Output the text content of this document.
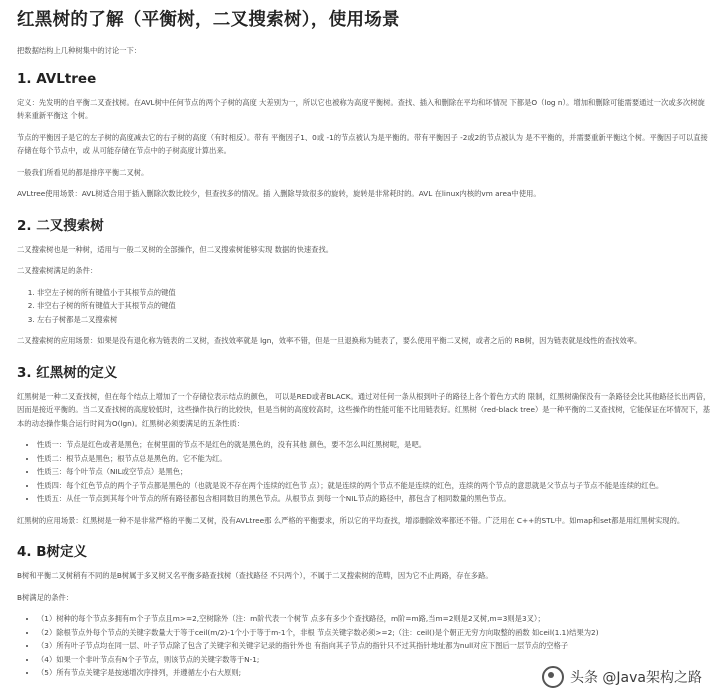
红黑树的了解（平衡树，二叉搜索树），使用场景

把数据结构上几种树集中的讨论一下：

1. AVLtree

定义：先发明的自平衡二叉查找树。在AVL树中任何节点的两个子树的高度 大差别为一，所以它也被称为高度平衡树。查找、插入和删除在平均和坏情况 下都是O（log n）。增加和删除可能需要通过一次或多次树旋转来重新平衡这 个树。

节点的平衡因子是它的左子树的高度减去它的右子树的高度（有时相反）。带有 平衡因子1、0或 -1的节点被认为是平衡的。带有平衡因子 -2或2的节点被认为 是不平衡的，并需要重新平衡这个树。平衡因子可以直接存储在每个节点中，或 从可能存储在节点中的子树高度计算出来。

一般我们所看见的都是排序平衡二叉树。

AVLtree使用场景：AVL树适合用于插入删除次数比较少，但查找多的情况。插 入删除导致很多的旋转，旋转是非常耗时的。AVL 在linux内核的vm area中使用。

2. 二叉搜索树

二叉搜索树也是一种树，适用与一般二叉树的全部操作，但二叉搜索树能够实现 数据的快速查找。

二叉搜索树满足的条件：

1. 非空左子树的所有键值小于其根节点的键值
2. 非空右子树的所有键值大于其根节点的键值
3. 左右子树都是二叉搜索树

二叉搜索树的应用场景：如果是没有退化称为链表的二叉树，查找效率就是 lgn，效率不错，但是一旦退换称为链表了，要么使用平衡二叉树，或者之后的 RB树，因为链表就是线性的查找效率。

3. 红黑树的定义

红黑树是一种二叉查找树，但在每个结点上增加了一个存储位表示结点的颜色， 可以是RED或者BLACK。通过对任何一条从根到叶子的路径上各个着色方式的 限制，红黑树确保没有一条路径会比其他路径长出两倍，因而是接近平衡的。当二叉查找树的高度较低时，这些操作执行的比较快，但是当树的高度较高时，这些操作的性能可能不比用链表好。红黑树（red-black tree）是一种平衡的二叉查找树，它能保证在坏情况下，基本的动态操作集合运行时间为O(lgn)。红黑树必须要满足的五条性质：

• 性质一：节点是红色或者是黑色；在树里面的节点不是红色的就是黑色的，没有其他 颜色，要不怎么叫红黑树呢，是吧。
• 性质二：根节点是黑色；根节点总是黑色的。它不能为红。
• 性质三：每个叶节点（NIL或空节点）是黑色；
• 性质四：每个红色节点的两个子节点都是黑色的（也就是说不存在两个连续的红色节 点）；就是连续的两个节点不能是连续的红色，连续的两个节点的意思就是父节点与子节点不能是连续的红色。
• 性质五：从任一节点到其每个叶节点的所有路径都包含相同数目的黑色节点。从根节点 到每一个NIL节点的路径中，都包含了相同数量的黑色节点。

红黑树的应用场景：红黑树是一种不是非常严格的平衡二叉树，没有AVLtree那 么严格的平衡要求，所以它的平均查找，增添删除效率都还不错。广泛用在 C++的STL中。如map和set都是用红黑树实现的。

4. B树定义

B树和平衡二叉树稍有不同的是B树属于多叉树又名平衡多路查找树（查找路径 不只两个），不属于二叉搜索树的范畴，因为它不止两路，存在多路。

B树满足的条件：

• （1）树种的每个节点多拥有m个子节点且m>=2,空树除外（注：m阶代表一个树节 点多有多少个查找路径，m阶=m路,当m=2则是2叉树,m=3则是3叉）；
• （2）除根节点外每个节点的关键字数量大于等于ceil(m/2)-1个小于等于m-1个，非根 节点关键字数必须>=2;（注：ceil()是个朝正无穷方向取整的函数 如ceil(1.1)结果为2)
• （3）所有叶子节点均在同一层、叶子节点除了包含了关键字和关键字记录的指针外也 有指向其子节点的指针只不过其指针地址都为null对应下图后一层节点的空格子
• （4）如果一个非叶节点有N个子节点，则该节点的关键字数等于N-1;
• （5）所有节点关键字是按递增次序排列，并遵循左小右大原则;	头条 @Java架构之路
